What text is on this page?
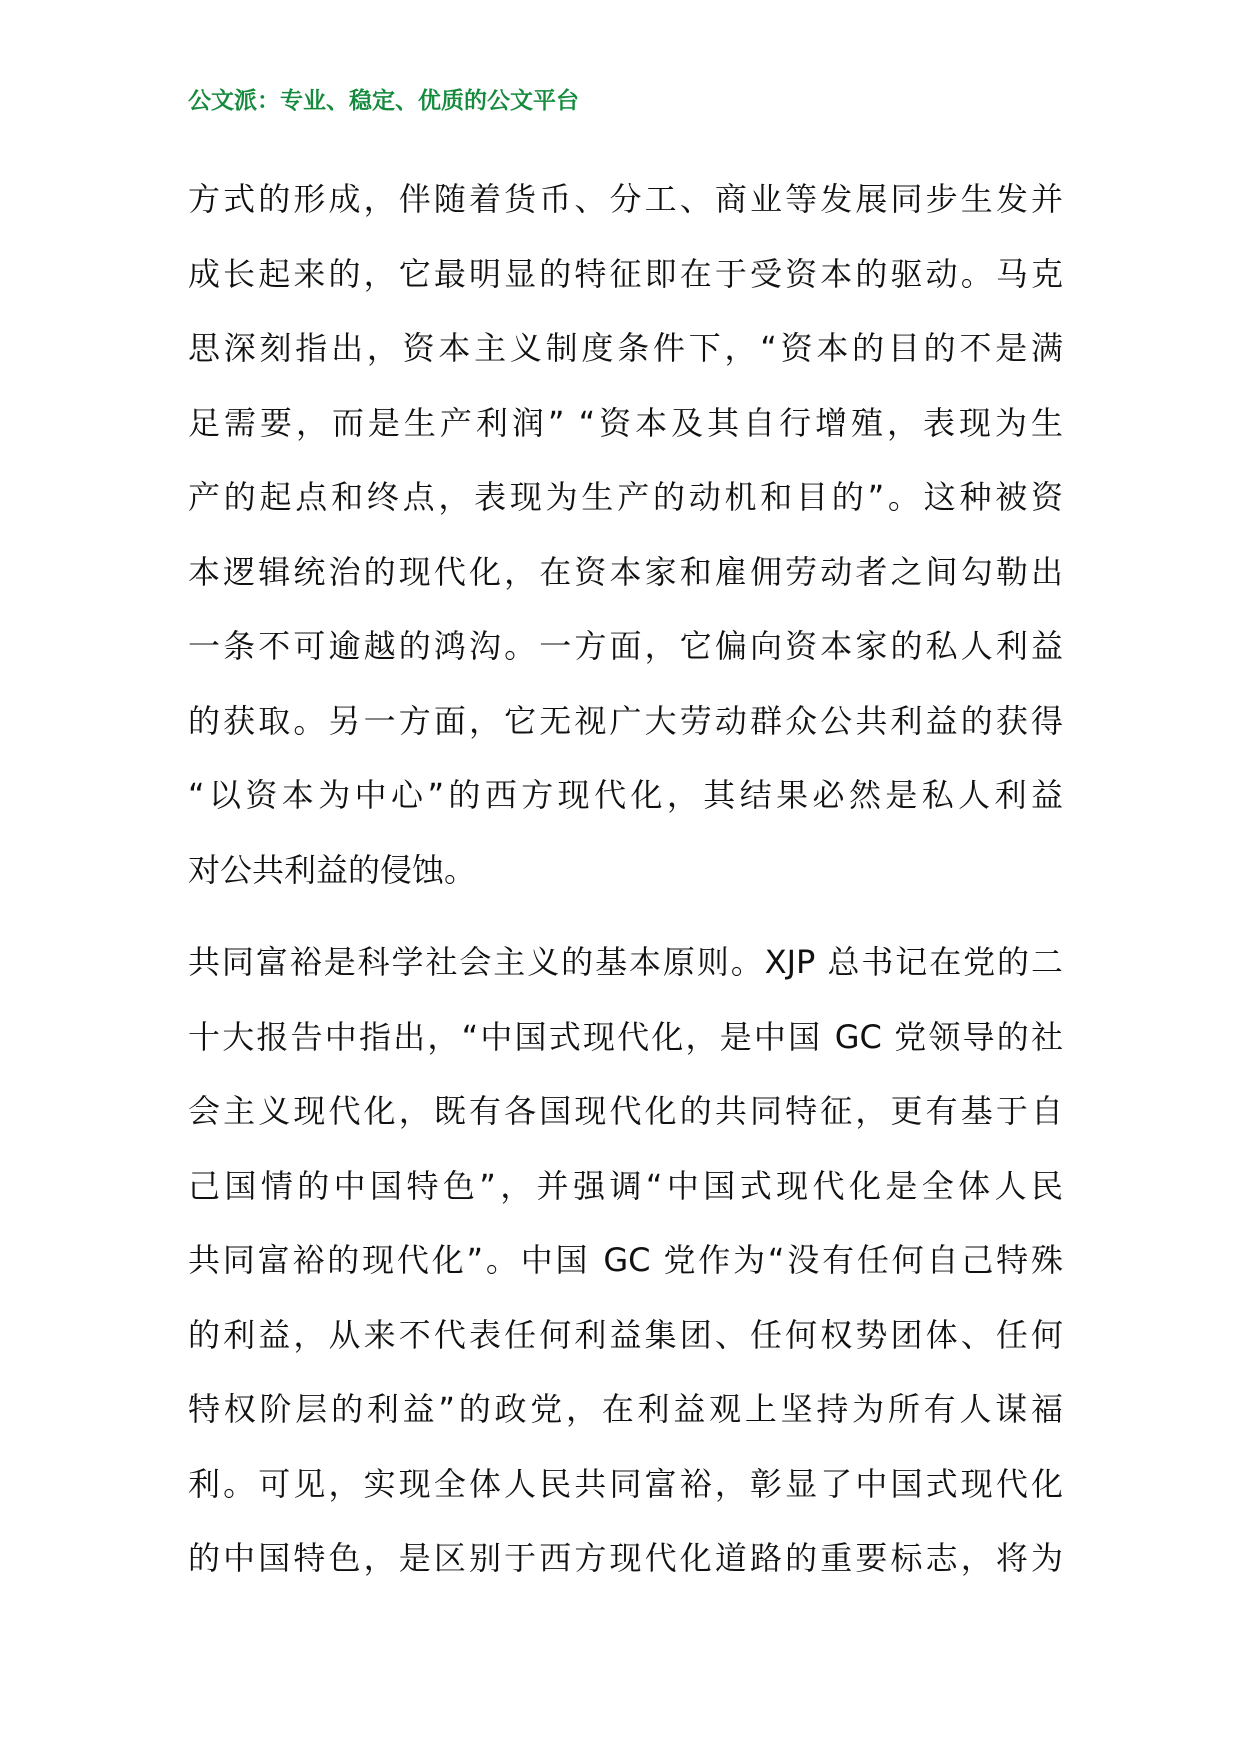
公文派：专业、稳定、优质的公文平台
方式的形成，伴随着货币、分工、商业等发展同步生发并
成长起来的，它最明显的特征即在于受资本的驱动。马克
思深刻指出，资本主义制度条件下，“资本的目的不是满
足需要，而是生产利润” “资本及其自行增殖，表现为生
产的起点和终点，表现为生产的动机和目的”。这种被资
本逻辑统治的现代化，在资本家和雇佣劳动者之间勾勒出
一条不可逾越的鸿沟。一方面，它偏向资本家的私人利益
的获取。另一方面，它无视广大劳动群众公共利益的获得
“以资本为中心”的西方现代化，其结果必然是私人利益
对公共利益的侵蚀。
共同富裕是科学社会主义的基本原则。XJP 总书记在党的二
十大报告中指出，“中国式现代化，是中国 GC 党领导的社
会主义现代化，既有各国现代化的共同特征，更有基于自
己国情的中国特色”，并强调“中国式现代化是全体人民
共同富裕的现代化”。中国 GC 党作为“没有任何自己特殊
的利益，从来不代表任何利益集团、任何权势团体、任何
特权阶层的利益”的政党，在利益观上坚持为所有人谋福
利。可见，实现全体人民共同富裕，彰显了中国式现代化
的中国特色，是区别于西方现代化道路的重要标志，将为
